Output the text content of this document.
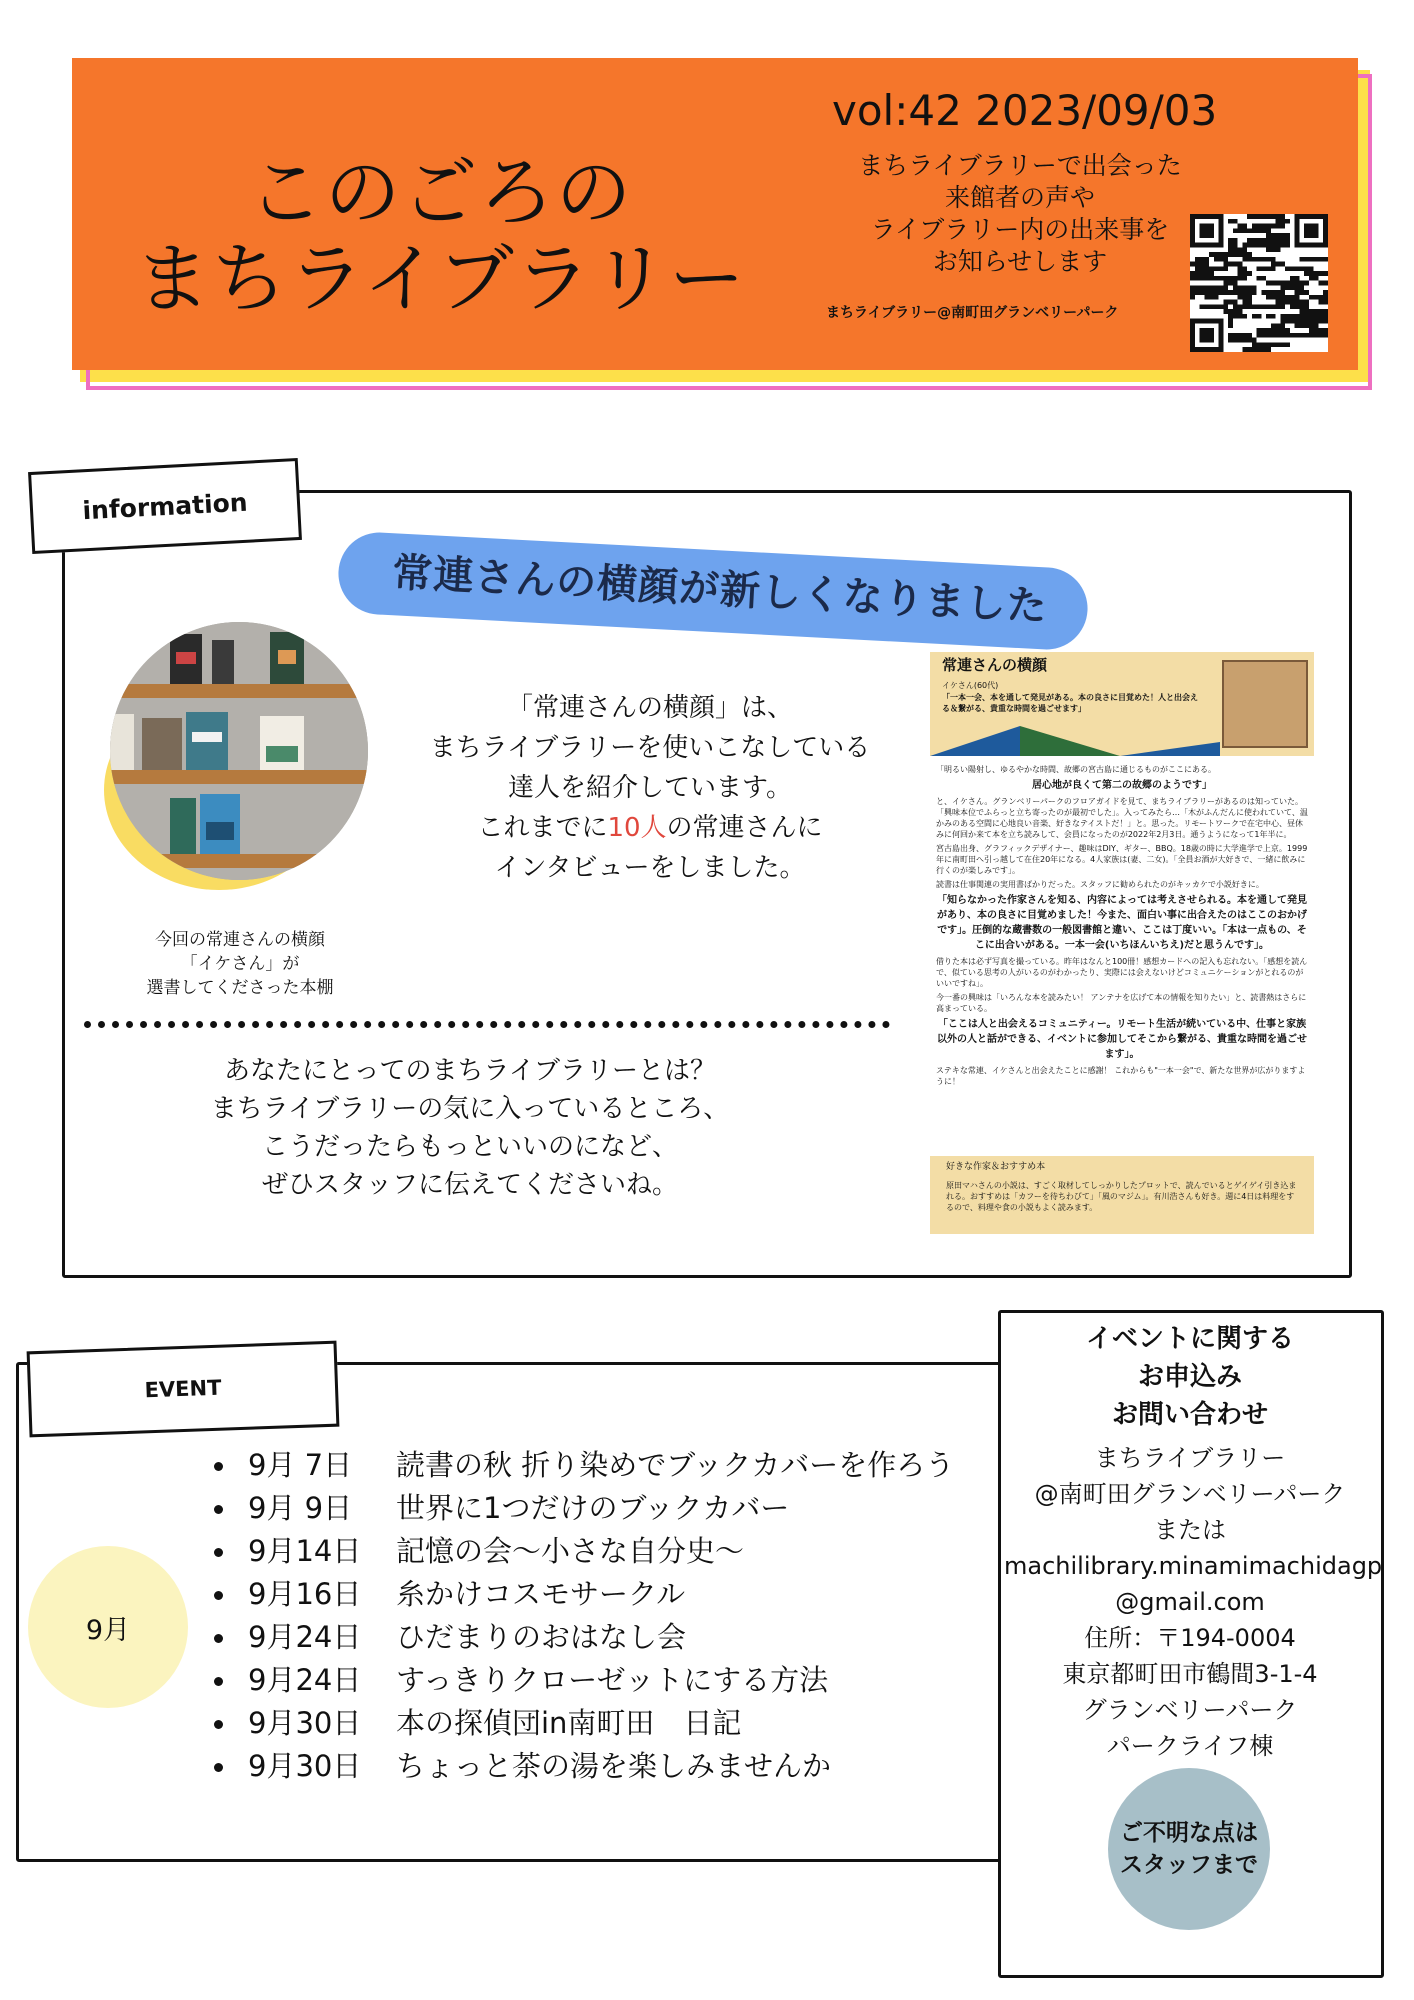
このごろの
まちライブラリー
vol:42 2023/09/03
まちライブラリーで出会った
来館者の声や
ライブラリー内の出来事を
お知らせします
まちライブラリー@南町田グランベリーパーク
information
常連さんの横顔が新しくなりました
今回の常連さんの横顔
「イケさん」が
選書してくださった本棚
「常連さんの横顔」は、
まちライブラリーを使いこなしている
達人を紹介しています。
これまでに10人の常連さんに
インタビューをしました。
あなたにとってのまちライブラリーとは？
まちライブラリーの気に入っているところ、
こうだったらもっといいのになど、
ぜひスタッフに伝えてくださいね。
常連さんの横顔
イケさん(60代)
「一本一会、本を通して発見がある。本の良さに目覚めた！人と出会える＆繋がる、貴重な時間を過ごせます」

「明るい陽射し、ゆるやかな時間、故郷の宮古島に通じるものがここにある。

居心地が良くて第二の故郷のようです」

と、イケさん。グランベリーパークのフロアガイドを見て、まちライブラリーがあるのは知っていた。「興味本位でふらっと立ち寄ったのが最初でした」。入ってみたら…「木がふんだんに使われていて、温かみのある空間に心地良い音楽、好きなテイストだ！」と。思った。リモートワークで在宅中心、昼休みに何回か来て本を立ち読みして、会員になったのが2022年2月3日。通うようになって1年半に。

宮古島出身、グラフィックデザイナー、趣味はDIY、ギター、BBQ。18歳の時に大学進学で上京。1999年に南町田へ引っ越して在住20年になる。4人家族は(妻、二女)。「全員お酒が大好きで、一緒に飲みに行くのが楽しみです」。

読書は仕事関連の実用書ばかりだった。スタッフに勧められたのがキッカケで小説好きに。

「知らなかった作家さんを知る、内容によっては考えさせられる。本を通して発見があり、本の良さに目覚めました！今また、面白い事に出合えたのはここのおかげです」。圧倒的な蔵書数の一般図書館と違い、ここは丁度いい。「本は一点もの、そこに出合いがある。一本一会(いちほんいちえ)だと思うんです」。

借りた本は必ず写真を撮っている。昨年はなんと100冊！感想カードへの記入も忘れない。「感想を読んで、似ている思考の人がいるのがわかったり、実際には会えないけどコミュニケーションがとれるのがいいですね」。

今一番の興味は「いろんな本を読みたい！ アンテナを広げて本の情報を知りたい」と、読書熱はさらに高まっている。

「ここは人と出会えるコミュニティー。リモート生活が続いている中、仕事と家族以外の人と話ができる、イベントに参加してそこから繋がる、貴重な時間を過ごせます」。

ステキな常連、イケさんと出会えたことに感謝！ これからも"一本一会"で、新たな世界が広がりますように！

好きな作家＆おすすめ本
原田マハさんの小説は、すごく取材してしっかりしたプロットで、読んでいるとゲイゲイ引き込まれる。おすすめは「カフーを待ちわびて」「風のマジム」。有川浩さんも好き。週に4日は料理をするので、料理や食の小説もよく読みます。
EVENT
9月
9月 7日 読書の秋 折り染めでブックカバーを作ろう
9月 9日 世界に1つだけのブックカバー
9月14日 記憶の会〜小さな自分史〜
9月16日 糸かけコスモサークル
9月24日 ひだまりのおはなし会
9月24日 すっきりクローゼットにする方法
9月30日 本の探偵団in南町田　日記
9月30日 ちょっと茶の湯を楽しみませんか
イベントに関する
お申込み
お問い合わせ
まちライブラリー
@南町田グランベリーパーク
または
machilibrary.minamimachidagp
@gmail.com
住所：〒194-0004
東京都町田市鶴間3-1-4
グランベリーパーク
パークライフ棟
ご不明な点は
スタッフまで
